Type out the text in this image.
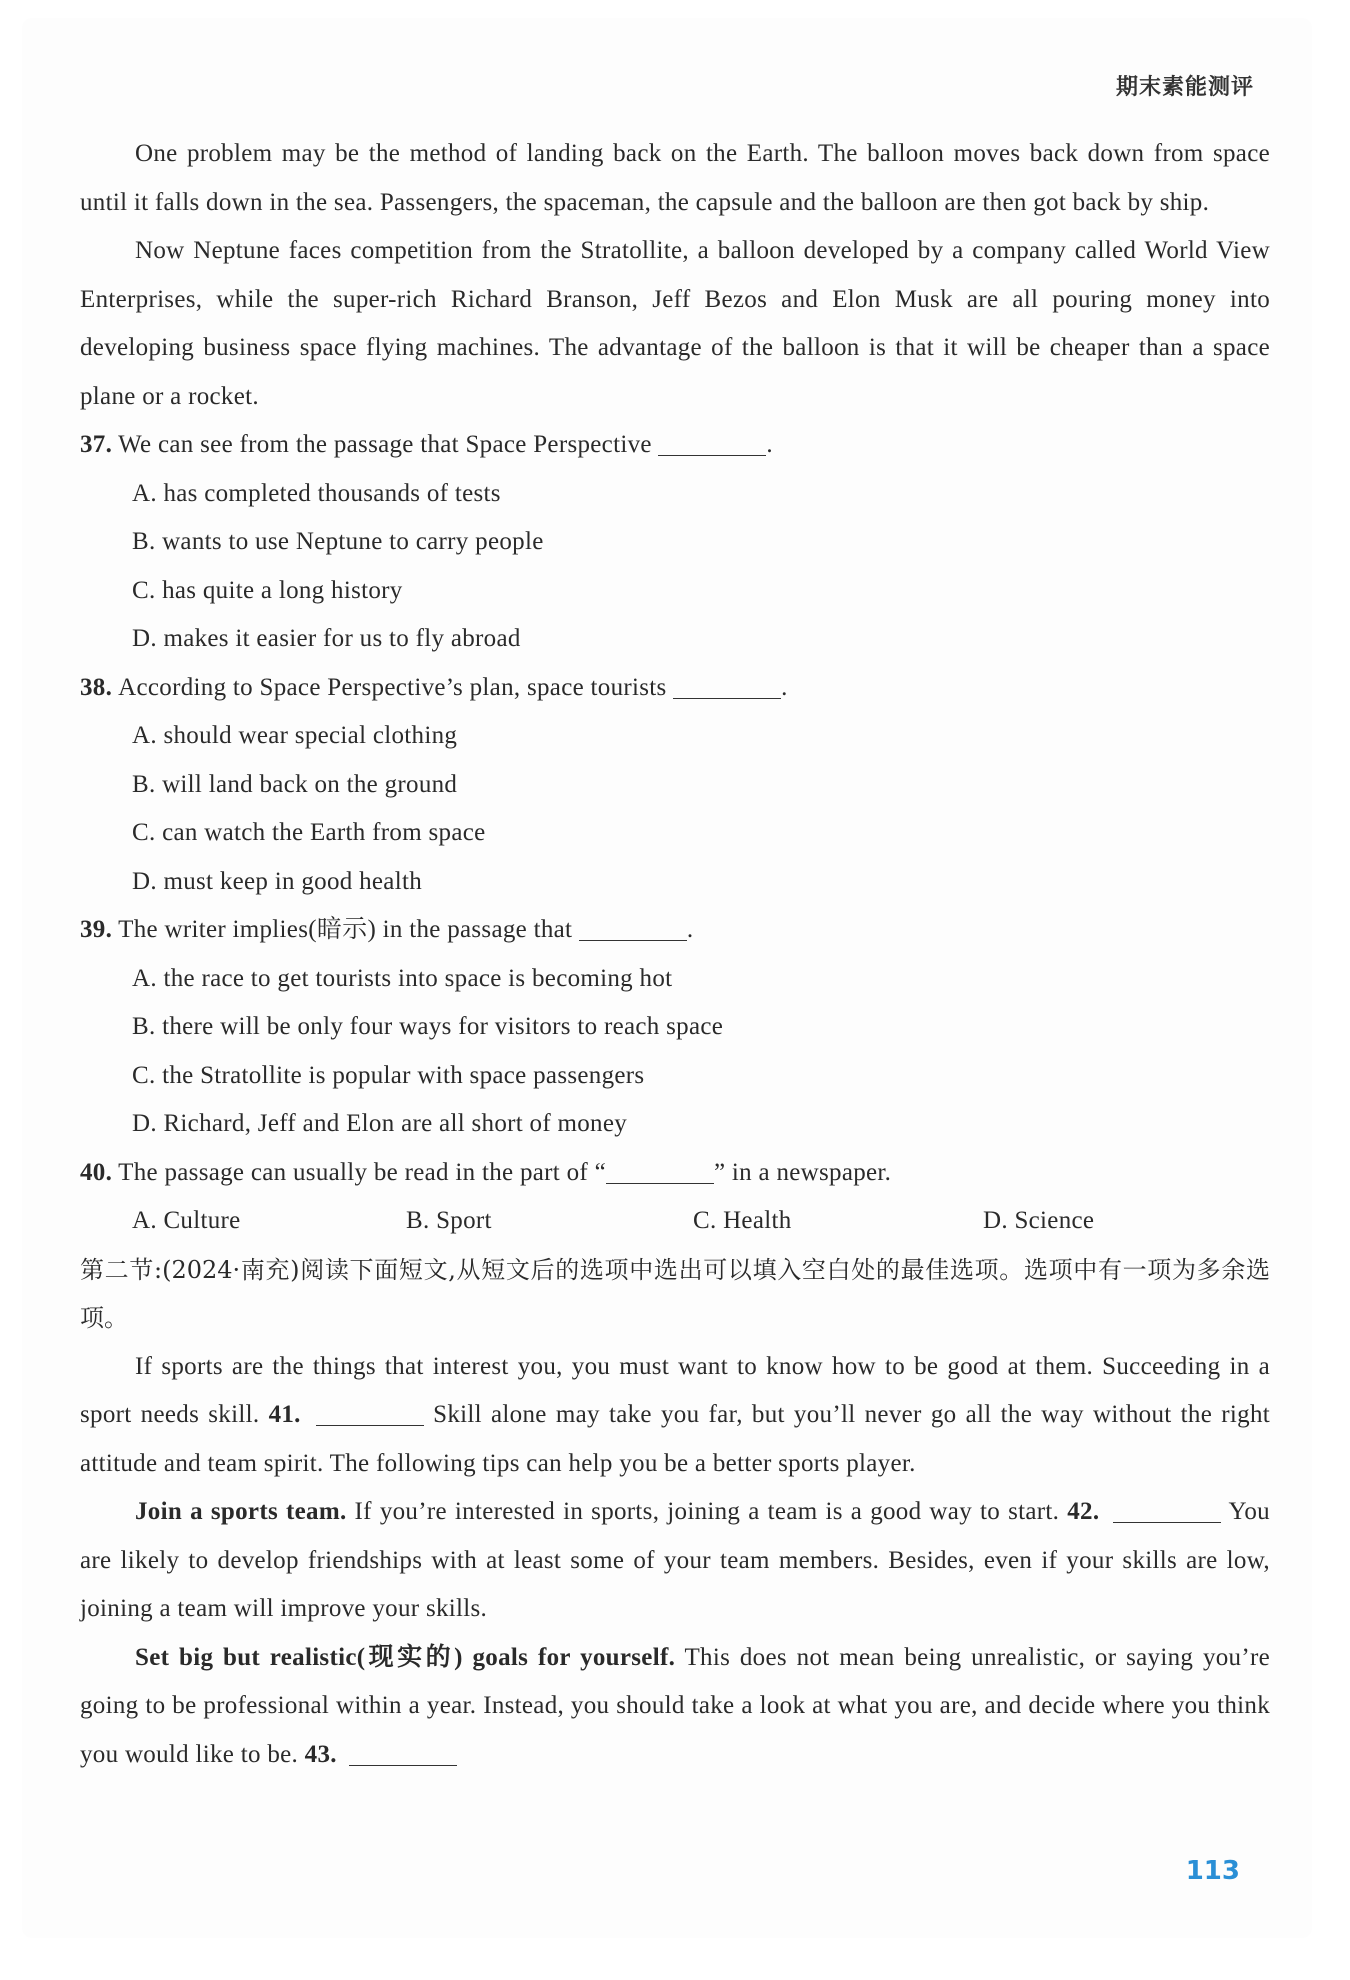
期末素能测评

One problem may be the method of landing back on the Earth. The balloon moves back down from space until it falls down in the sea. Passengers, the spaceman, the capsule and the balloon are then got back by ship.

Now Neptune faces competition from the Stratollite, a balloon developed by a company called World View Enterprises, while the super-rich Richard Branson, Jeff Bezos and Elon Musk are all pouring money into developing business space flying machines. The advantage of the balloon is that it will be cheaper than a space plane or a rocket.

37. We can see from the passage that Space Perspective	.

A. has completed thousands of tests

B. wants to use Neptune to carry people

C. has quite a long history

D. makes it easier for us to fly abroad

38. According to Space Perspective’s plan, space tourists	.

A. should wear special clothing

B. will land back on the ground

C. can watch the Earth from space

D. must keep in good health

39. The writer implies(暗示) in the passage that	.

A. the race to get tourists into space is becoming hot

B. there will be only four ways for visitors to reach space

C. the Stratollite is popular with space passengers

D. Richard, Jeff and Elon are all short of money

40. The passage can usually be read in the part of “	” in a newspaper.

A. Culture	B. Sport	C. Health	D. Science

第二节:(2024·南充)阅读下面短文,从短文后的选项中选出可以填入空白处的最佳选项。选项中有一项为多余选项。

If sports are the things that interest you, you must want to know how to be good at them. Succeeding in a sport needs skill. 41.	Skill alone may take you far, but you’ll never go all the way without the right attitude and team spirit. The following tips can help you be a better sports player.

Join a sports team. If you’re interested in sports, joining a team is a good way to start. 42.	You are likely to develop friendships with at least some of your team members. Besides, even if your skills are low, joining a team will improve your skills.

Set big but realistic(现实的) goals for yourself. This does not mean being unrealistic, or saying you’re going to be professional within a year. Instead, you should take a look at what you are, and decide where you think you would like to be. 43.

113
